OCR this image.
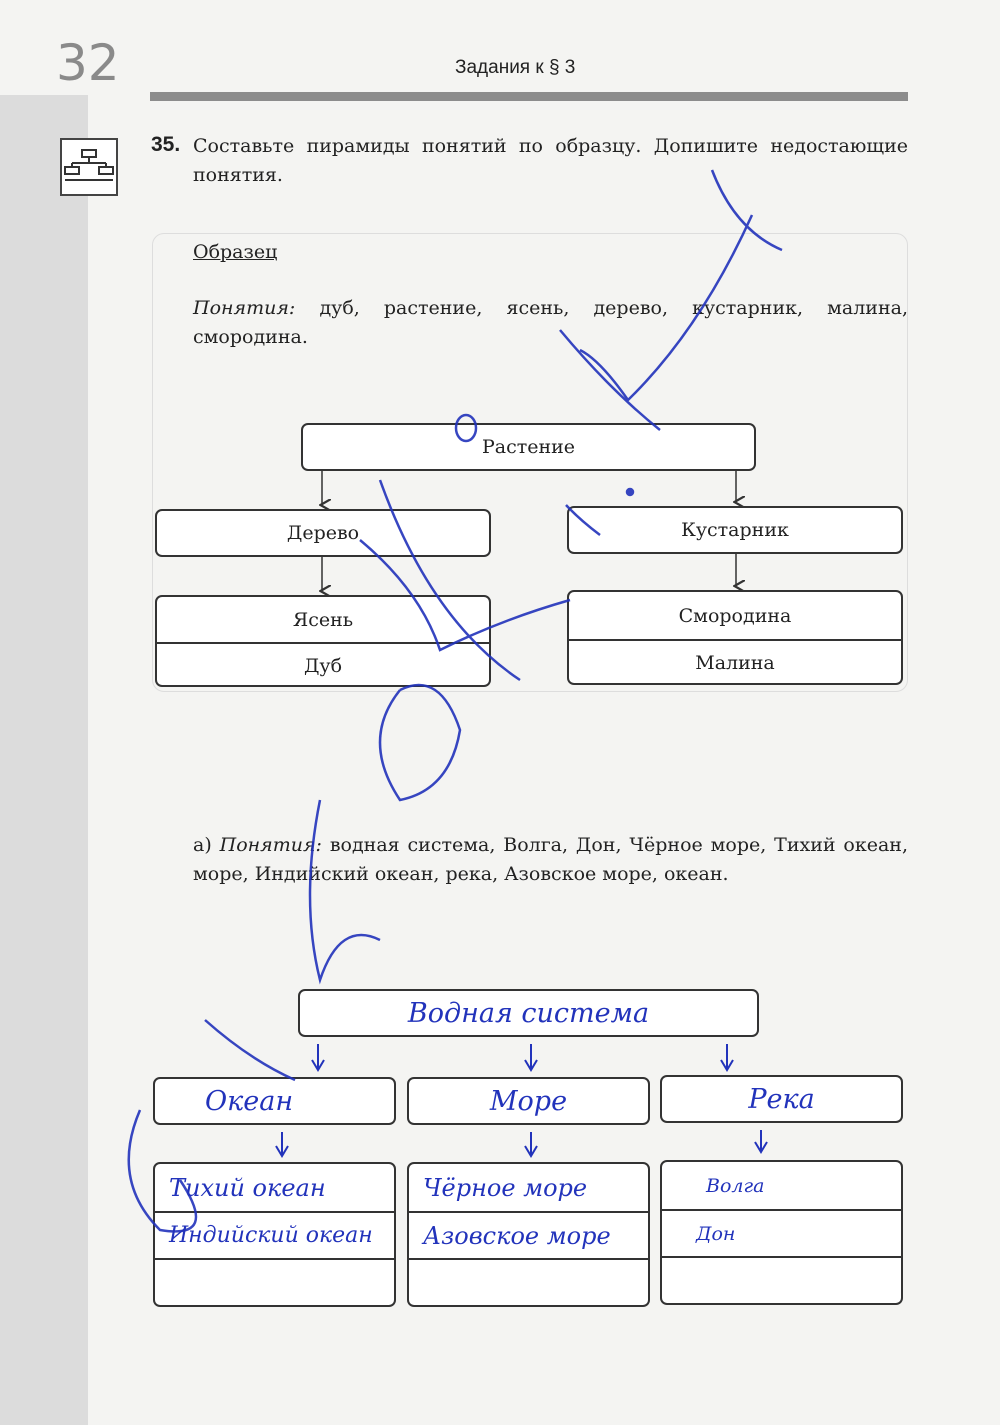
32	Задания к § 3
35. Составьте пирамиды понятий по образцу. Допишите недостающие понятия.
Образец
Понятия: дуб, растение, ясень, дерево, кустарник, малина, смородина.
Растение
Дерево	Кустарник
Ясень
Дуб
Смородина
Малина
а) Понятия: водная система, Волга, Дон, Чёрное море, Тихий океан, море, Индийский океан, река, Азовское море, океан.
Водная система
Океан	Море	Река
Тихий океан
Индийский океан
Чёрное море
Азовское море
Волга
Дон
